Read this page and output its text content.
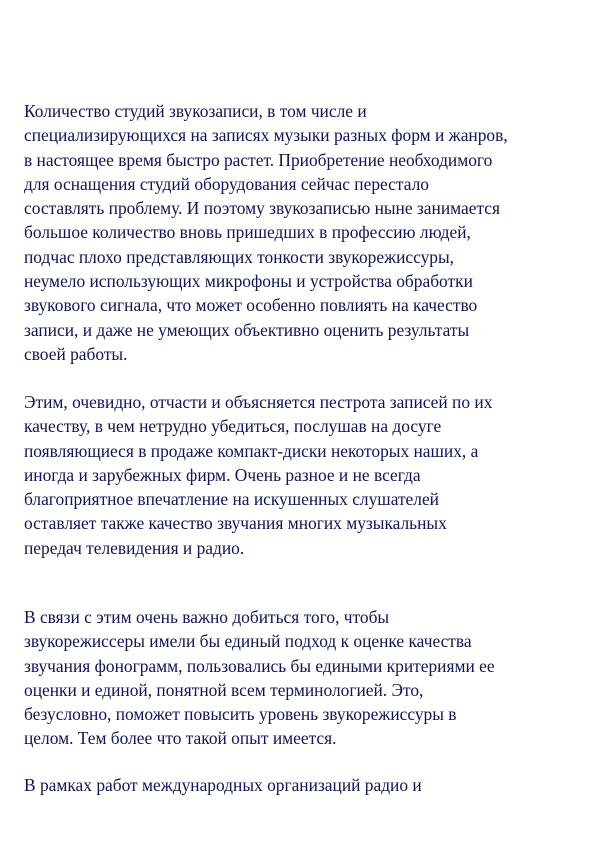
Количество студий звукозаписи, в том числе и
специализирующихся на записях музыки разных форм и жанров,
в настоящее время быстро растет. Приобретение необходимого
для оснащения студий оборудования сейчас перестало
составлять проблему. И поэтому звукозаписью ныне занимается
большое количество вновь пришедших в профессию людей,
подчас плохо представляющих тонкости звукорежиссуры,
неумело использующих микрофоны и устройства обработки
звукового сигнала, что может особенно повлиять на качество
записи, и даже не умеющих объективно оценить результаты
своей работы.

Этим, очевидно, отчасти и объясняется пестрота записей по их
качеству, в чем нетрудно убедиться, послушав на досуге
появляющиеся в продаже компакт-диски некоторых наших, а
иногда и зарубежных фирм. Очень разное и не всегда
благоприятное впечатление на искушенных слушателей
оставляет также качество звучания многих музыкальных
передач телевидения и радио.

В связи с этим очень важно добиться того, чтобы
звукорежиссеры имели бы единый подход к оценке качества
звучания фонограмм, пользовались бы едиными критериями ее
оценки и единой, понятной всем терминологией. Это,
безусловно, поможет повысить уровень звукорежиссуры в
целом. Тем более что такой опыт имеется.

В рамках работ международных организаций радио и
